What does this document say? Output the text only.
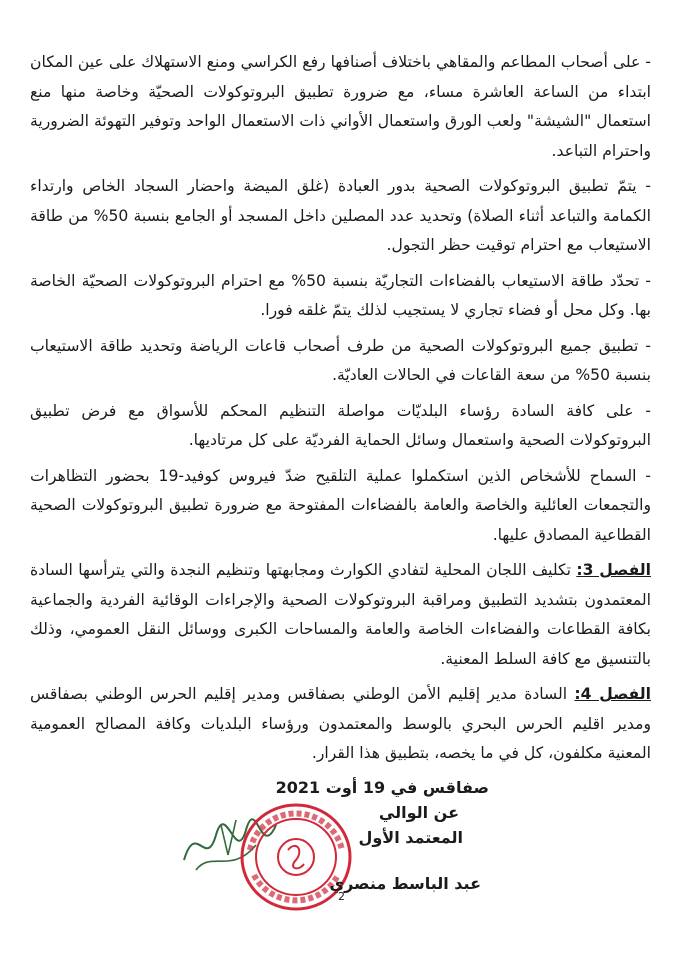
- على أصحاب المطاعم والمقاهي باختلاف أصنافها رفع الكراسي ومنع الاستهلاك على عين المكان ابتداء من الساعة العاشرة مساء، مع ضرورة تطبيق البروتوكولات الصحيّة وخاصة منها منع استعمال "الشيشة" ولعب الورق واستعمال الأواني ذات الاستعمال الواحد وتوفير التهوئة الضرورية واحترام التباعد.

- يتمّ تطبيق البروتوكولات الصحية بدور العبادة (غلق الميضة واحضار السجاد الخاص وارتداء الكمامة والتباعد أثناء الصلاة) وتحديد عدد المصلين داخل المسجد أو الجامع بنسبة 50% من طاقة الاستيعاب مع احترام توقيت حظر التجول.

- تحدّد طاقة الاستيعاب بالفضاءات التجاريّة بنسبة 50% مع احترام البروتوكولات الصحيّة الخاصة بها. وكل محل أو فضاء تجاري لا يستجيب لذلك يتمّ غلقه فورا.

- تطبيق جميع البروتوكولات الصحية من طرف أصحاب قاعات الرياضة وتحديد طاقة الاستيعاب بنسبة 50% من سعة القاعات في الحالات العاديّة.

- على كافة السادة رؤساء البلديّات مواصلة التنظيم المحكم للأسواق مع فرض تطبيق البروتوكولات الصحية واستعمال وسائل الحماية الفرديّة على كل مرتاديها.

- السماح للأشخاص الذين استكملوا عملية التلقيح ضدّ فيروس كوفيد-19 بحضور التظاهرات والتجمعات العائلية والخاصة والعامة بالفضاءات المفتوحة مع ضرورة تطبيق البروتوكولات الصحية القطاعية المصادق عليها.

الفصل 3: تكليف اللجان المحلية لتفادي الكوارث ومجابهتها وتنظيم النجدة والتي يترأسها السادة المعتمدون بتشديد التطبيق ومراقبة البروتوكولات الصحية والإجراءات الوقائية الفردية والجماعية بكافة القطاعات والفضاءات الخاصة والعامة والمساحات الكبرى ووسائل النقل العمومي، وذلك بالتنسيق مع كافة السلط المعنية.

الفصل 4: السادة مدير إقليم الأمن الوطني بصفاقس ومدير إقليم الحرس الوطني بصفاقس ومدير اقليم الحرس البحري بالوسط والمعتمدون ورؤساء البلديات وكافة المصالح العمومية المعنية مكلفون، كل في ما يخصه، بتطبيق هذا القرار.

صفاقس في 19 أوت 2021
عن الوالي
المعتمد الأول
عبد الباسط منصري
2
